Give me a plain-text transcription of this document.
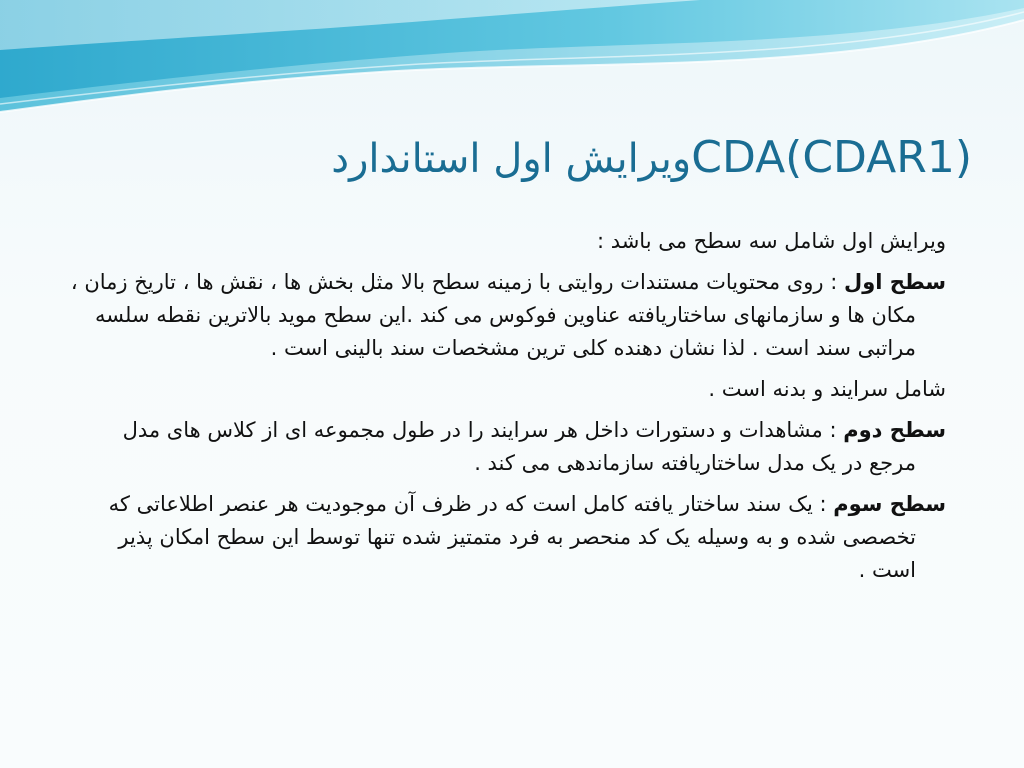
CDA(CDAR1)ویرایش اول استاندارد

ویرایش اول شامل سه سطح می باشد :

سطح اول : روی محتویات مستندات روایتی با زمینه سطح بالا مثل بخش ها ، نقش ها ، تاریخ زمان ، مکان ها و سازمانهای ساختاریافته عناوین فوکوس می کند .این سطح موید بالاترین نقطه سلسه مراتبی سند است . لذا نشان دهنده کلی ترین مشخصات سند بالینی است .

شامل سرایند و بدنه است .

سطح دوم : مشاهدات و دستورات داخل هر سرایند را در طول مجموعه ای از کلاس های مدل مرجع در یک مدل ساختاریافته سازماندهی می کند .

سطح سوم : یک سند ساختار یافته کامل است که در ظرف آن موجودیت هر عنصر اطلاعاتی که تخصصی شده و به وسیله یک کد منحصر به فرد متمتیز شده تنها توسط این سطح امکان پذیر است .
